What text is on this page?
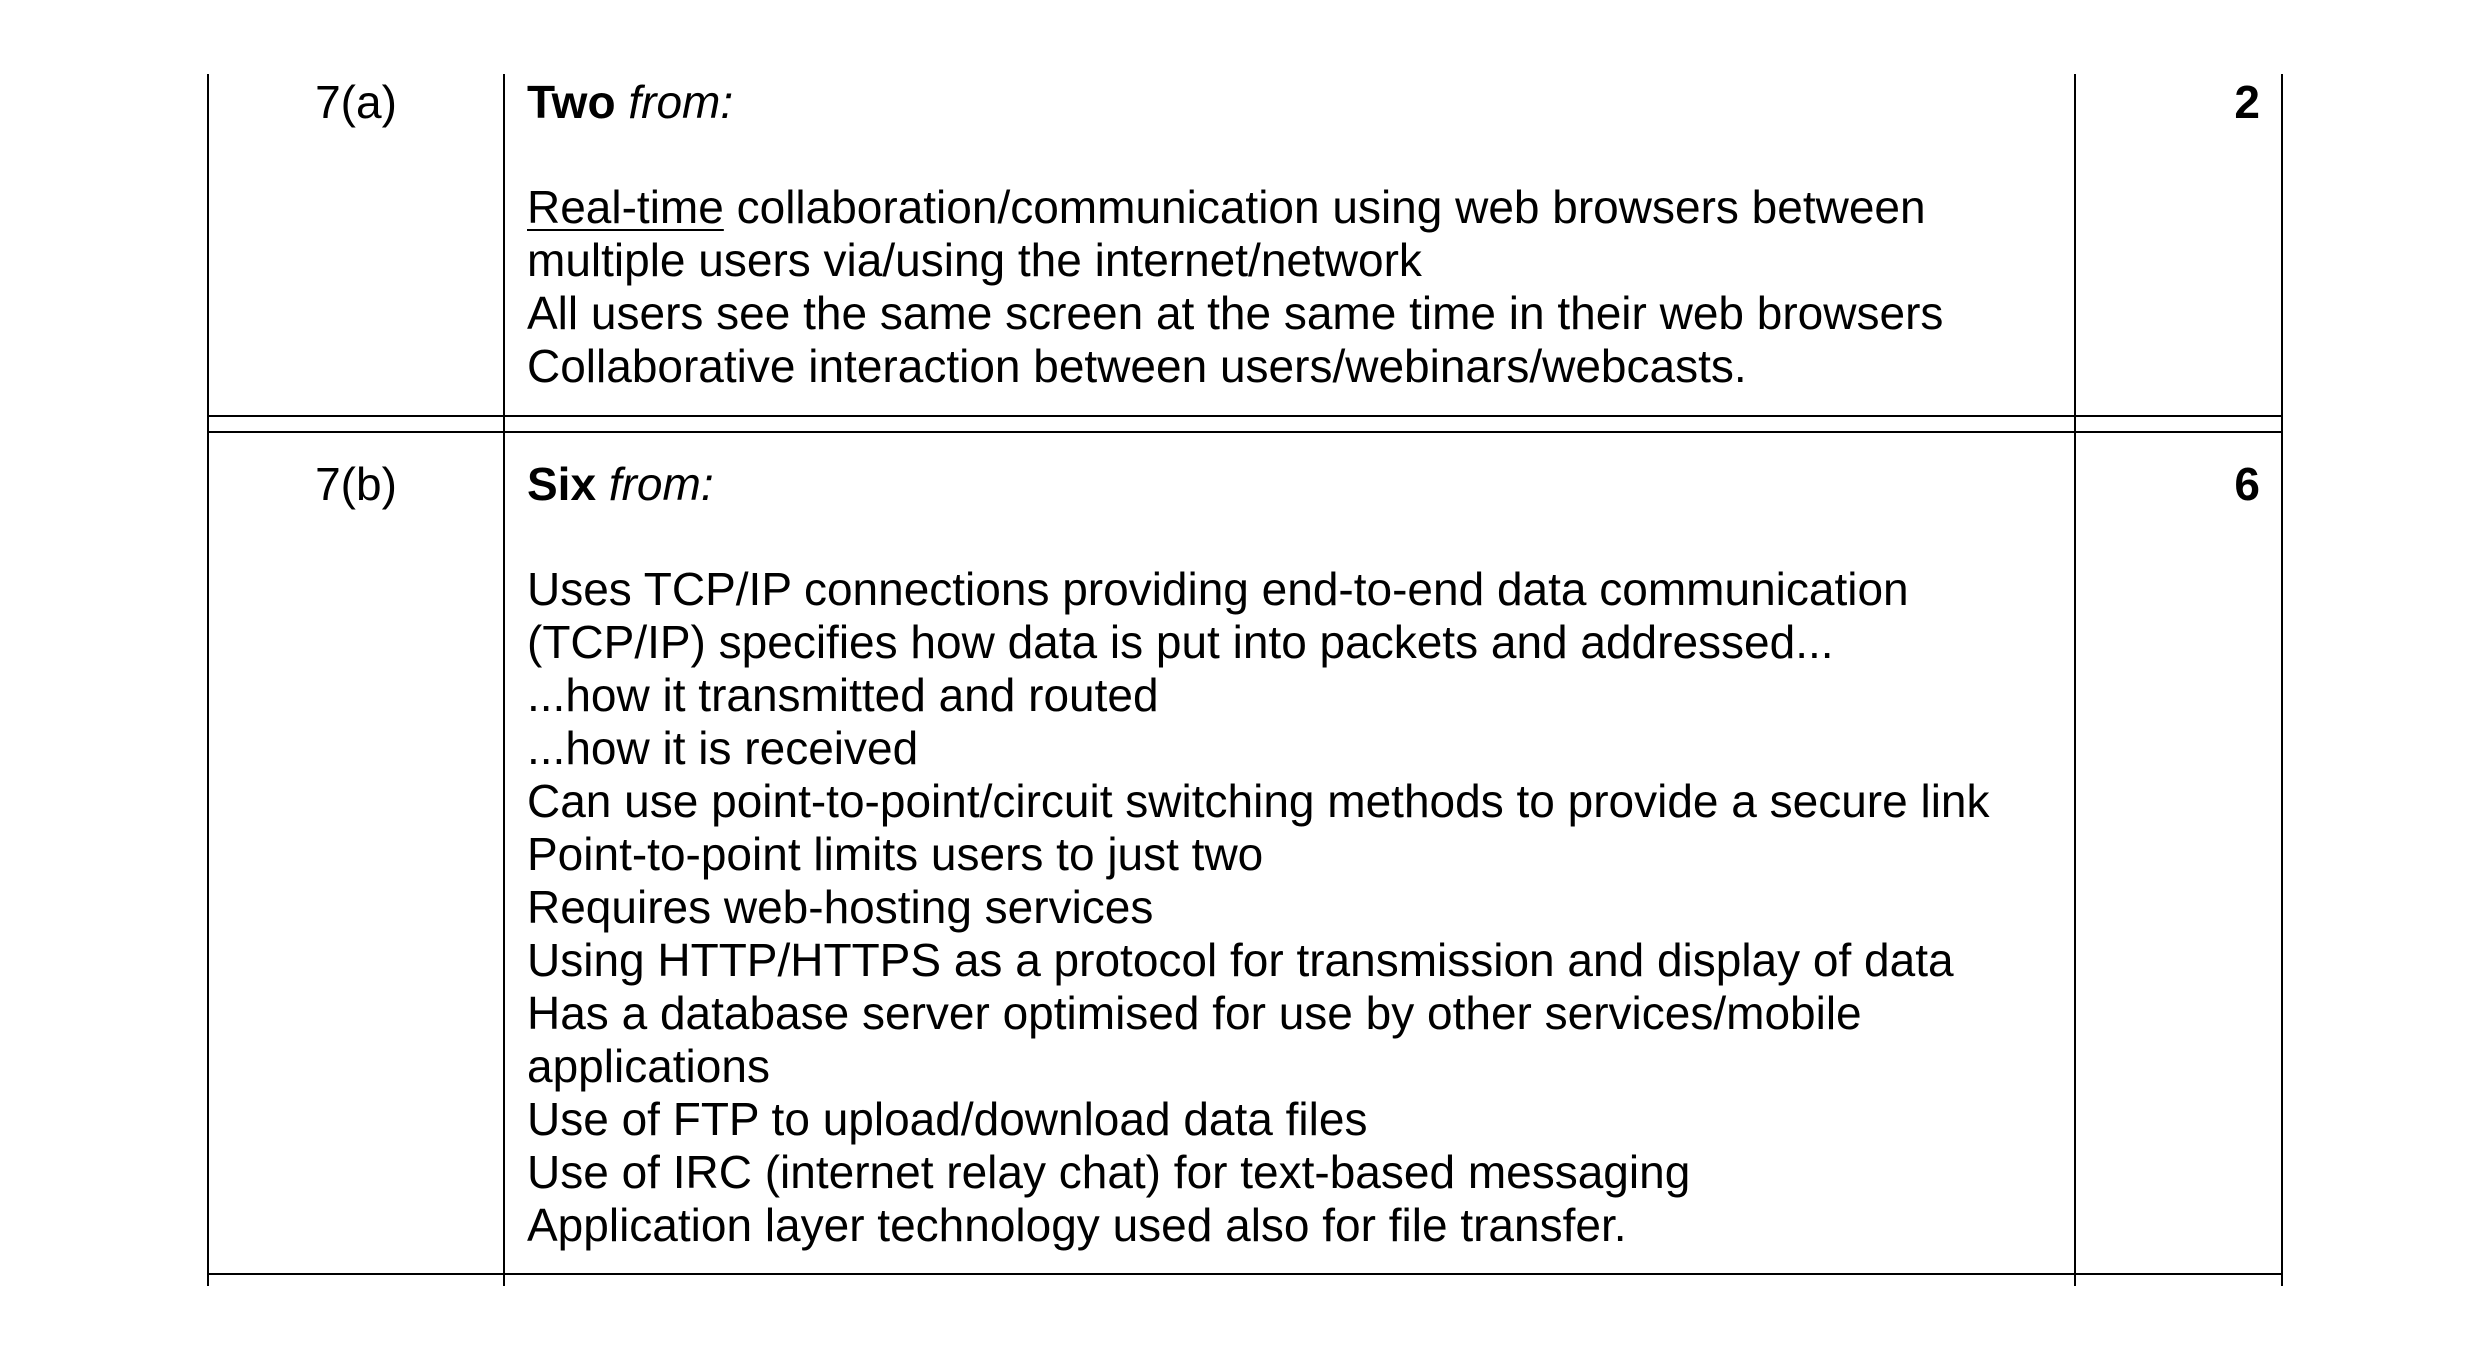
7(a)	Two from:
Real-time collaboration/communication using web browsers between
multiple users via/using the internet/network
All users see the same screen at the same time in their web browsers
Collaborative interaction between users/webinars/webcasts.
2
7(b)	Six from:
Uses TCP/IP connections providing end-to-end data communication
(TCP/IP) specifies how data is put into packets and addressed...
...how it transmitted and routed
...how it is received
Can use point-to-point/circuit switching methods to provide a secure link
Point-to-point limits users to just two
Requires web-hosting services
Using HTTP/HTTPS as a protocol for transmission and display of data
Has a database server optimised for use by other services/mobile
applications
Use of FTP to upload/download data files
Use of IRC (internet relay chat) for text-based messaging
Application layer technology used also for file transfer.
6
